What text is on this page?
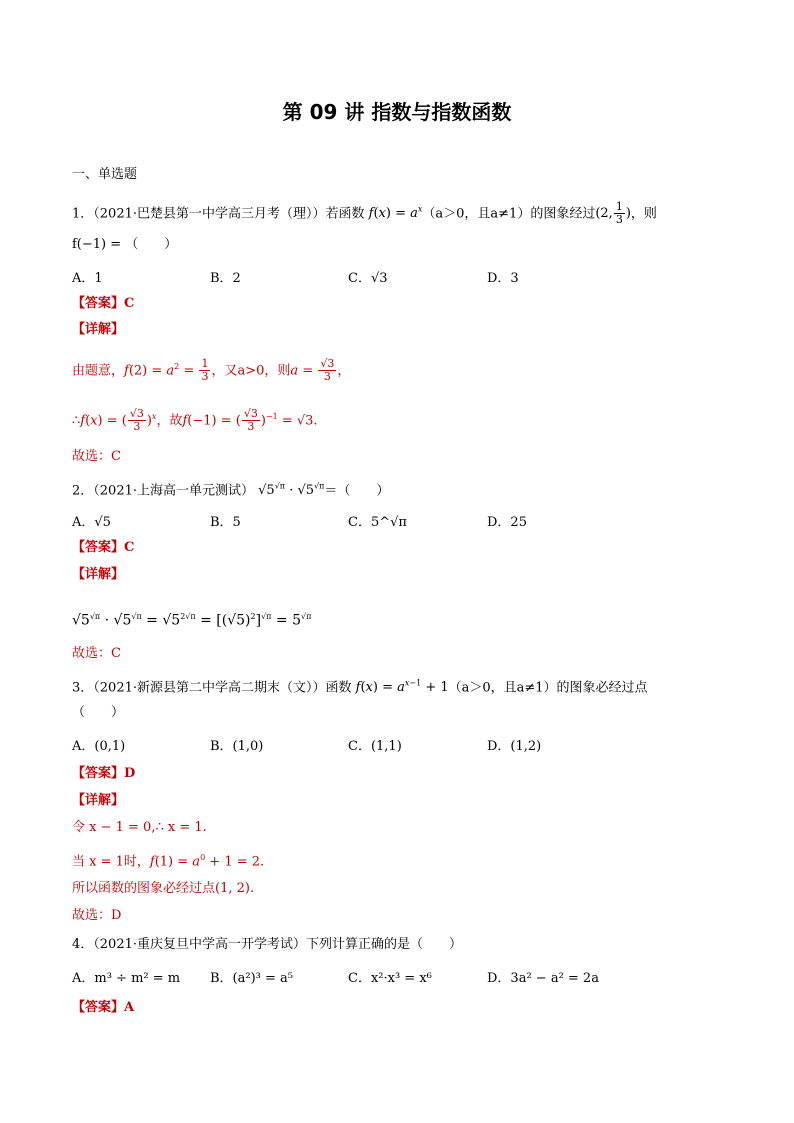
第 09 讲 指数与指数函数
一、单选题
1．（2021·巴楚县第一中学高三月考（理））若函数 $f(x) = a^x(a>0$，且a≠1）的图象经过(2, $\frac{1}{3}$ )，则
f(−1) = （　　）
A．1	B．2	C．√3	D．3
【答案】C
【详解】
由题意，$f(2) = a^2 = \frac{1}{3}$ ，又a>0，则$a = \frac{√3}{3}$ ，
∴f(x) = ( $\frac{√3}{3} )^x$，故f(−1) = ( $\frac{√3}{3} )^{-1} = √3$.
故选：C
2．（2021·上海高一单元测试） $√5^{√\pi} \cdot √5^{√\pi}=$（　　）
A．√5	B．5	C．5^√π	D．25
【答案】C
【详解】
$√5^{√\pi} \cdot √5^{√\pi} = √5^{2√\pi} = [(√5)^2]^{√\pi} = 5^{√\pi}$
故选：C
3．（2021·新源县第二中学高二期末（文））函数 $f(x) = a^{x-1} + 1(a>0$，且a≠1）的图象必经过点
（　　）
A．(0,1)	B．(1,0)	C．(1,1)	D．(1,2)
【答案】D
【详解】
令 x − 1 = 0,∴ x = 1.
当 x = 1时，$f(1) = a^0 + 1 = 2$.
所以函数的图象必经过点(1, 2).
故选：D
4．（2021·重庆复旦中学高一开学考试）下列计算正确的是（　　）
A．m³ ÷ m² = m B．(a²)³ = a⁵	C．x²·x³ = x⁶	D．3a² − a² = 2a
【答案】A
